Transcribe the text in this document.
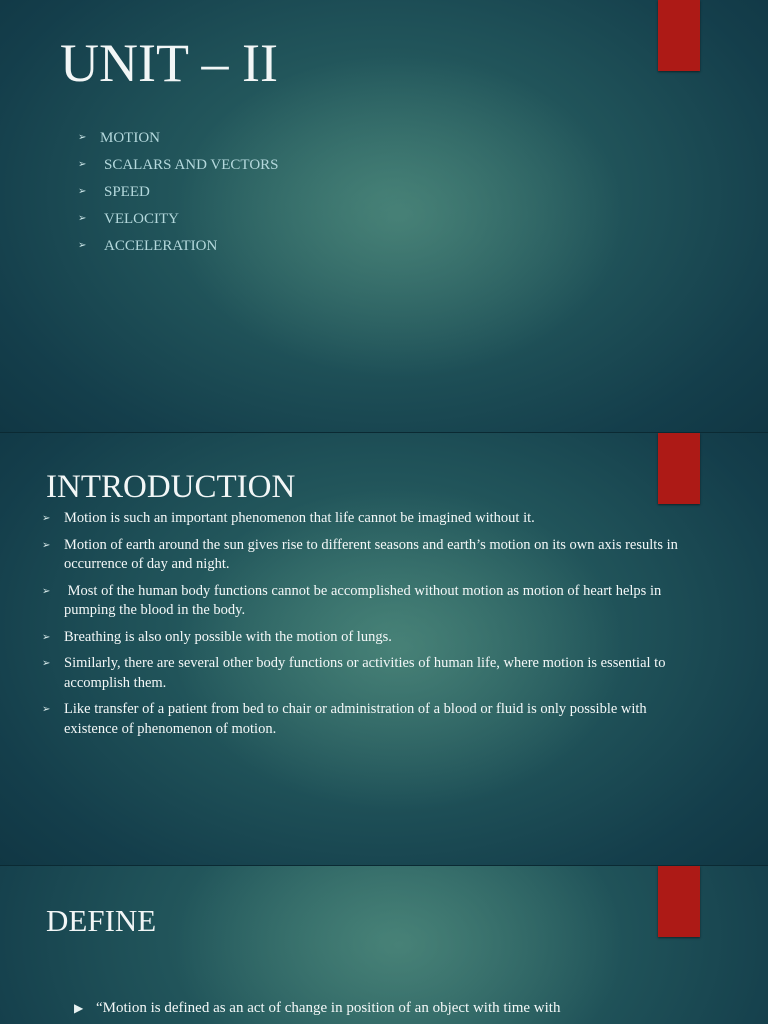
UNIT – II
➢ MOTION
➢ SCALARS AND VECTORS
➢ SPEED
➢ VELOCITY
➢ ACCELERATION
INTRODUCTION
➢ Motion is such an important phenomenon that life cannot be imagined without it.
➢ Motion of earth around the sun gives rise to different seasons and earth’s motion on its own axis results in occurrence of day and night.
➢ Most of the human body functions cannot be accomplished without motion as motion of heart helps in pumping the blood in the body.
➢ Breathing is also only possible with the motion of lungs.
➢ Similarly, there are several other body functions or activities of human life, where motion is essential to accomplish them.
➢ Like transfer of a patient from bed to chair or administration of a blood or fluid is only possible with existence of phenomenon of motion.
DEFINE
▶ “Motion is defined as an act of change in position of an object with time with
